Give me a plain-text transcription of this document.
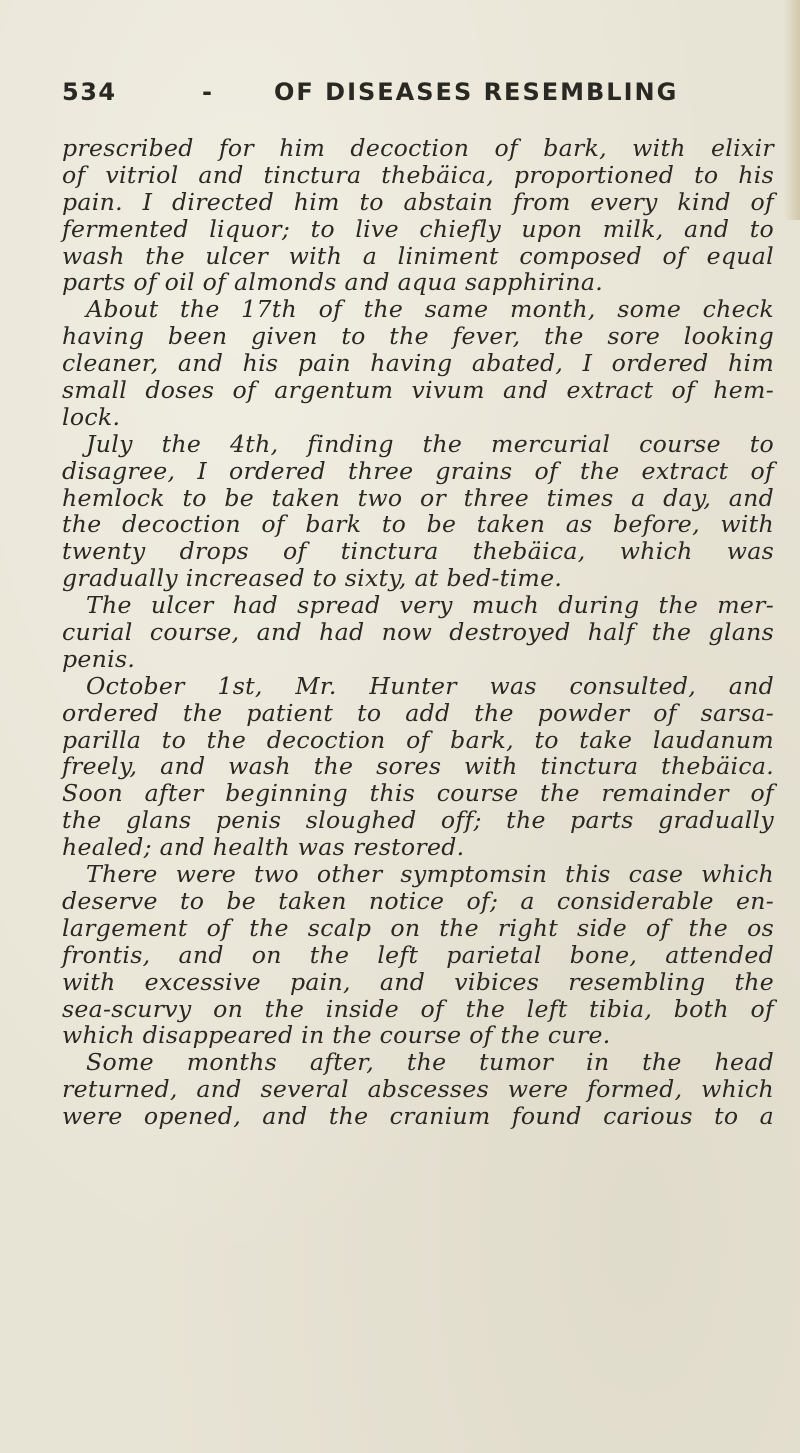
534	-	OF DISEASES RESEMBLING
prescribed for him decoction of bark, with elixir
of vitriol and tinctura thebäica, proportioned to his
pain. I directed him to abstain from every kind of
fermented liquor; to live chiefly upon milk, and to
wash the ulcer with a liniment composed of equal
parts of oil of almonds and aqua sapphirina.
About the 17th of the same month, some check
having been given to the fever, the sore looking
cleaner, and his pain having abated, I ordered him
small doses of argentum vivum and extract of hem-
lock.
July the 4th, finding the mercurial course to
disagree, I ordered three grains of the extract of
hemlock to be taken two or three times a day, and
the decoction of bark to be taken as before, with
twenty drops of tinctura thebäica, which was
gradually increased to sixty, at bed-time.
The ulcer had spread very much during the mer-
curial course, and had now destroyed half the glans
penis.
October 1st, Mr. Hunter was consulted, and
ordered the patient to add the powder of sarsa-
parilla to the decoction of bark, to take laudanum
freely, and wash the sores with tinctura thebäica.
Soon after beginning this course the remainder of
the glans penis sloughed off; the parts gradually
healed; and health was restored.
There were two other symptomsin this case which
deserve to be taken notice of; a considerable en-
largement of the scalp on the right side of the os
frontis, and on the left parietal bone, attended
with excessive pain, and vibices resembling the
sea-scurvy on the inside of the left tibia, both of
which disappeared in the course of the cure.
Some months after, the tumor in the head
returned, and several abscesses were formed, which
were opened, and the cranium found carious to a
